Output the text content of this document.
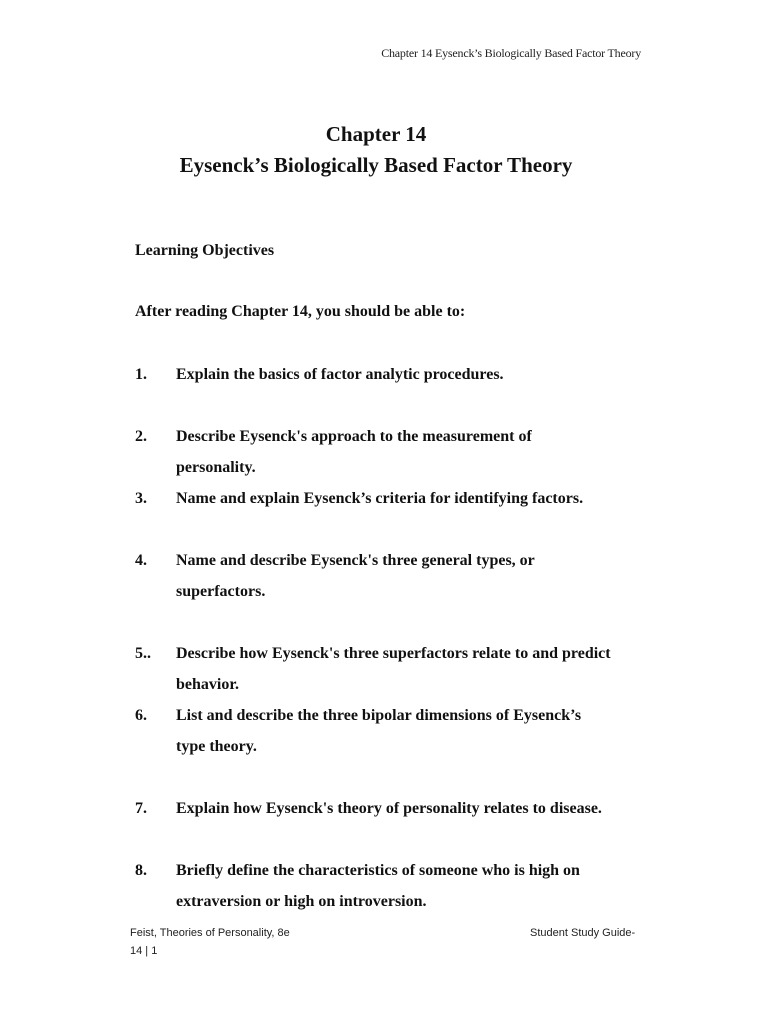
Chapter 14 Eysenck’s Biologically Based Factor Theory
Chapter 14
Eysenck’s Biologically Based Factor Theory
Learning Objectives
After reading Chapter 14, you should be able to:
1. Explain the basics of factor analytic procedures.
2. Describe Eysenck's approach to the measurement of
personality.
3. Name and explain Eysenck’s criteria for identifying factors.
4. Name and describe Eysenck's three general types, or
superfactors.
5.. Describe how Eysenck's three superfactors relate to and predict
behavior.
6. List and describe the three bipolar dimensions of Eysenck’s
type theory.
7. Explain how Eysenck's theory of personality relates to disease.
8. Briefly define the characteristics of someone who is high on
extraversion or high on introversion.
Feist, Theories of Personality, 8e	Student Study Guide-
14 | 1
